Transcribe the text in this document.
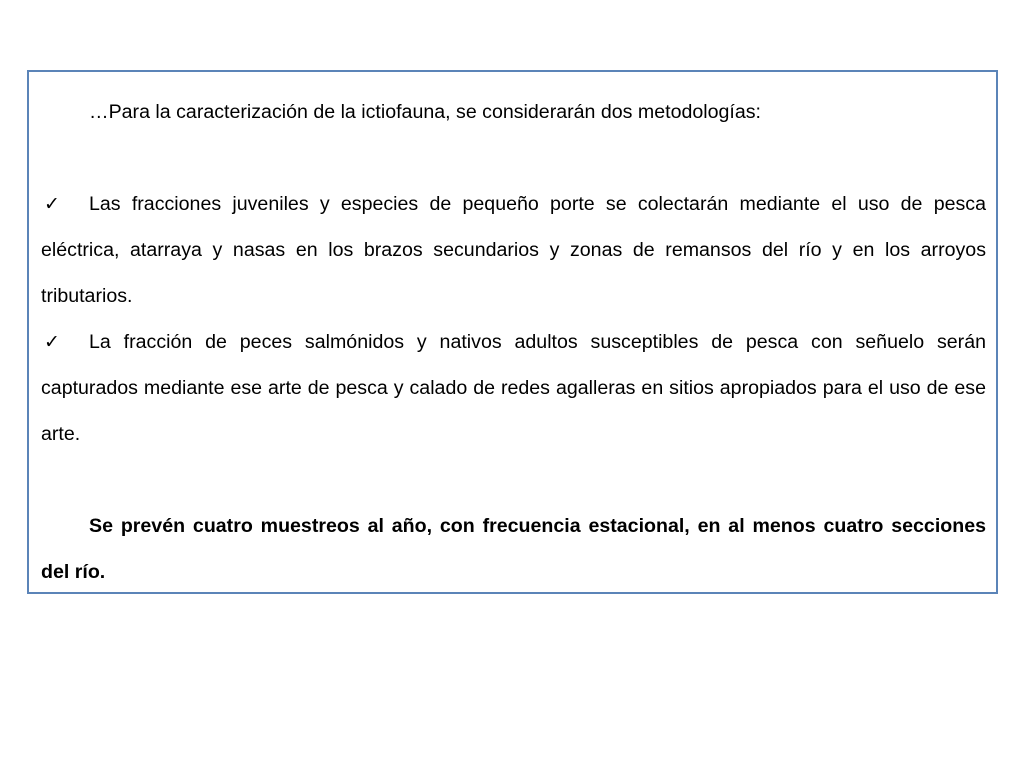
…Para la caracterización de la ictiofauna, se considerarán dos metodologías:

✓ Las fracciones juveniles y especies de pequeño porte se colectarán mediante el uso de pesca eléctrica, atarraya y nasas en los brazos secundarios y zonas de remansos del río y en los arroyos tributarios.

✓ La fracción de peces salmónidos y nativos adultos susceptibles de pesca con señuelo serán capturados mediante ese arte de pesca y calado de redes agalleras en sitios apropiados para el uso de ese arte.

Se prevén cuatro muestreos al año, con frecuencia estacional, en al menos cuatro secciones del río.
